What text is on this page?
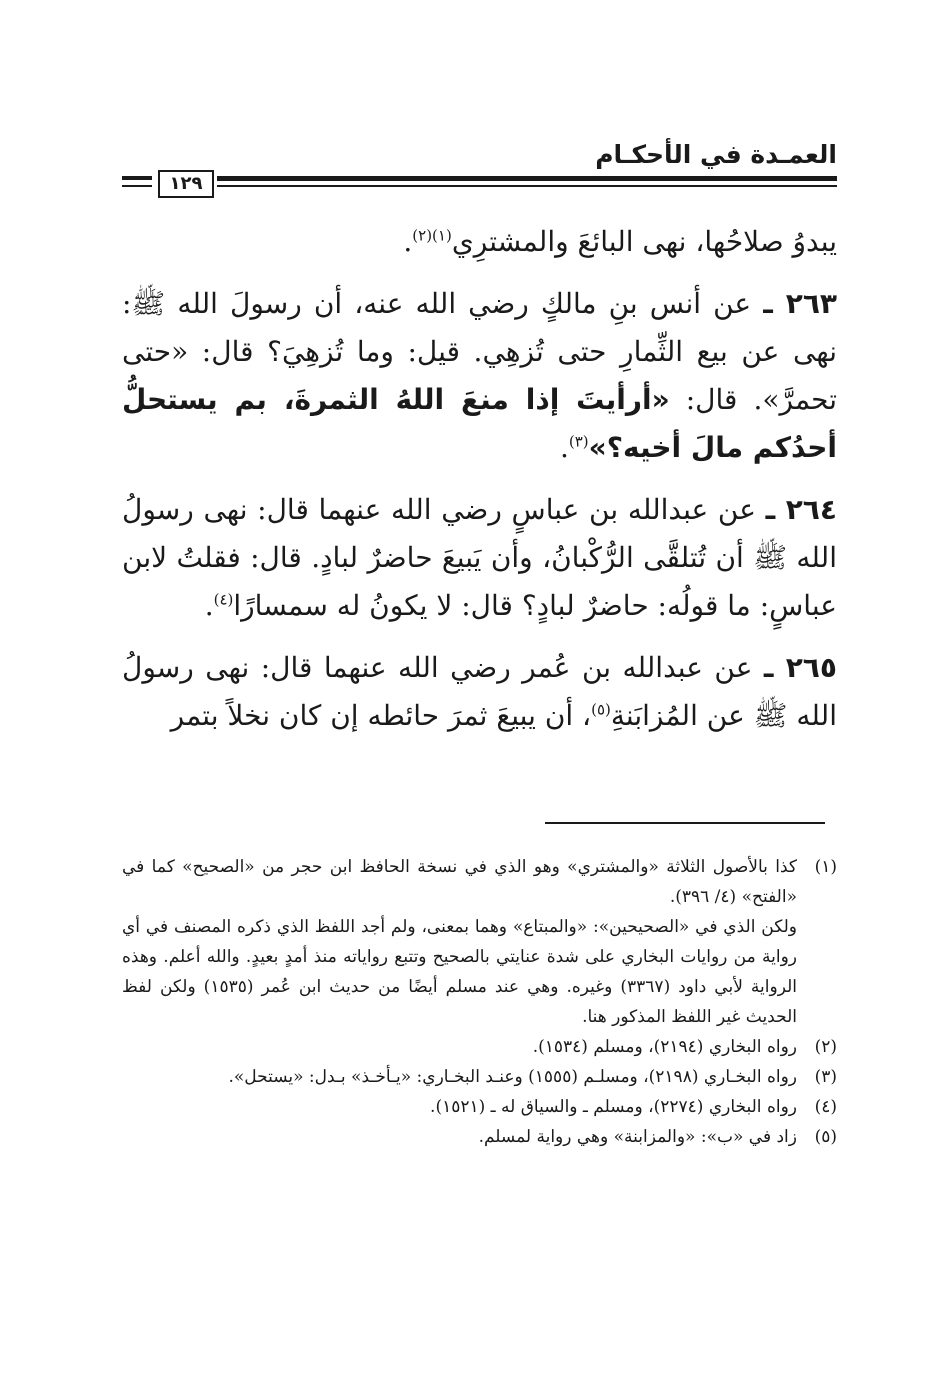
العمـدة في الأحكـام
١٢٩

يبدوُ صلاحُها، نهى البائعَ والمشترِي$^{(١)(٢)}$.

٢٦٣ ـ عن أنس بنِ مالكٍ رضي الله عنه، أن رسولَ الله ﷺ: نهى عن بيع الثِّمارِ حتى تُزهِي. قيل: وما تُزهِيَ؟ قال: «حتى تحمرَّ». قال: «أرأيتَ إذا منعَ اللهُ الثمرةَ، بم يستحلُّ أحدُكم مالَ أخيه؟»$^{(٣)}$.

٢٦٤ ـ عن عبدالله بن عباسٍ رضي الله عنهما قال: نهى رسولُ الله ﷺ أن تُتلقَّى الرُّكْبانُ، وأن يَبيعَ حاضرٌ لبادٍ. قال: فقلتُ لابن عباسٍ: ما قولُه: حاضرٌ لبادٍ؟ قال: لا يكونُ له سمسارًا$^{(٤)}$.

٢٦٥ ـ عن عبدالله بن عُمر رضي الله عنهما قال: نهى رسولُ الله ﷺ عن المُزابَنةِ$^{(٥)}$، أن يبيعَ ثمرَ حائطه إن كان نخلاً بتمر

(١)
كذا بالأصول الثلاثة «والمشتري» وهو الذي في نسخة الحافظ ابن حجر من «الصحيح» كما في «الفتح» (٤/ ٣٩٦).
ولكن الذي في «الصحيحين»: «والمبتاع» وهما بمعنى، ولم أجد اللفظ الذي ذكره المصنف في أي رواية من روايات البخاري على شدة عنايتي بالصحيح وتتبع رواياته منذ أمدٍ بعيدٍ. والله أعلم. وهذه الرواية لأبي داود (٣٣٦٧) وغيره. وهي عند مسلم أيضًا من حديث ابن عُمر (١٥٣٥) ولكن لفظ الحديث غير اللفظ المذكور هنا.
(٢)
رواه البخاري (٢١٩٤)، ومسلم (١٥٣٤).
(٣)
رواه البخـاري (٢١٩٨)، ومسلـم (١٥٥٥) وعنـد البخـاري: «يـأخـذ» بـدل: «يستحل».
(٤)
رواه البخاري (٢٢٧٤)، ومسلم ـ والسياق له ـ (١٥٢١).
(٥)
زاد في «ب»: «والمزابنة» وهي رواية لمسلم.
